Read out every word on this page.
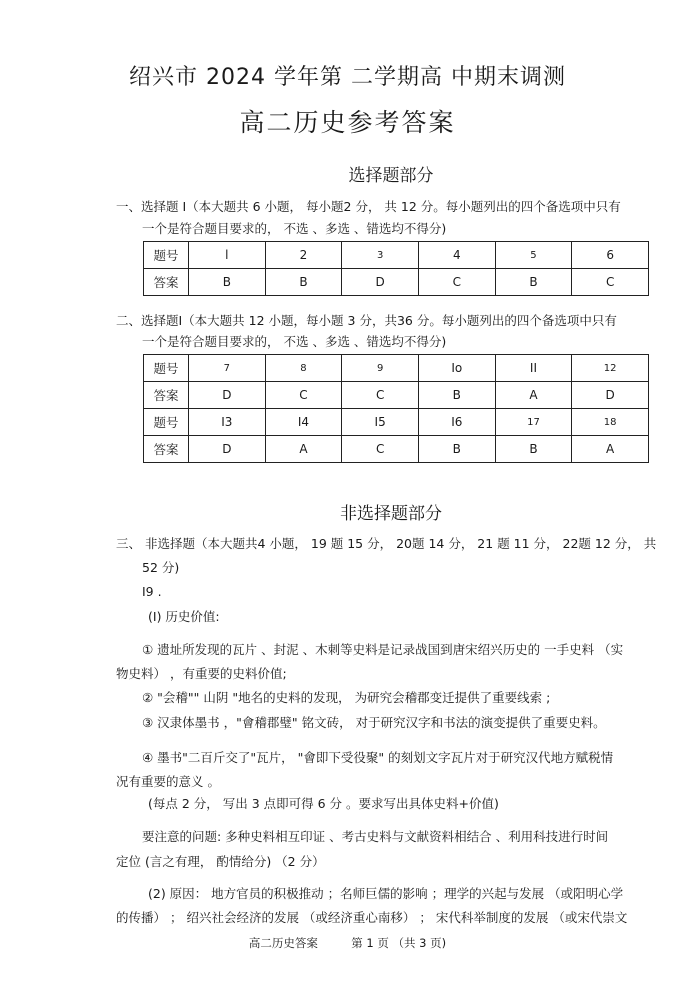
绍兴市 2024 学年第 二学期高 中期末调测
高二历史参考答案
选择题部分
一、选择题 I（本大题共 6 小题， 每小题2 分， 共 12 分。每小题列出的四个备选项中只有
一个是符合题目要求的， 不选 、多选 、错选均不得分)
题号	l	2	3	4	5	6
答案	B	B	D	C	B	C
二、选择题I（本大题共 12 小题，每小题 3 分，共36 分。每小题列出的四个备选项中只有
一个是符合题目要求的， 不选 、多选 、错选均不得分)
题号	7	8	9	Io	II	12
答案	D	C	C	B	A	D
题号	I3	I4	I5	I6	17	18
答案	D	A	C	B	B	A
非选择题部分
三、 非选择题（本大题共4 小题， 19 题 15 分， 20题 14 分， 21 题 11 分， 22题 12 分， 共
52 分)
I9 .
(I) 历史价值:
① 遗址所发现的瓦片 、封泥 、木刺等史料是记录战国到唐宋绍兴历史的 一手史料 （实
物史料） ，有重要的史料价值;
② "会稽"" 山阴 "地名的史料的发现， 为研究会稽郡变迁提供了重要线索 ;
③ 汉隶体墨书 ，"會稽郡璧" 铭文砖， 对于研究汉字和书法的演变提供了重要史料。
④ 墨书"二百斤交了"瓦片， "會即下受役聚" 的刻划文字瓦片对于研究汉代地方赋税情
况有重要的意义 。
(每点 2 分， 写出 3 点即可得 6 分 。要求写出具体史料+价值)
要注意的问题: 多种史料相互印证 、考古史料与文献资料相结合 、利用科技进行时间
定位 (言之有理， 酌情给分) （2 分）
(2) 原因： 地方官员的积极推动 ；名师巨儒的影响 ；理学的兴起与发展 （或阳明心学
的传播） ； 绍兴社会经济的发展 （或经济重心南移） ； 宋代科举制度的发展 （或宋代崇文
高二历史答案	第 1 页 （共 3 页)
